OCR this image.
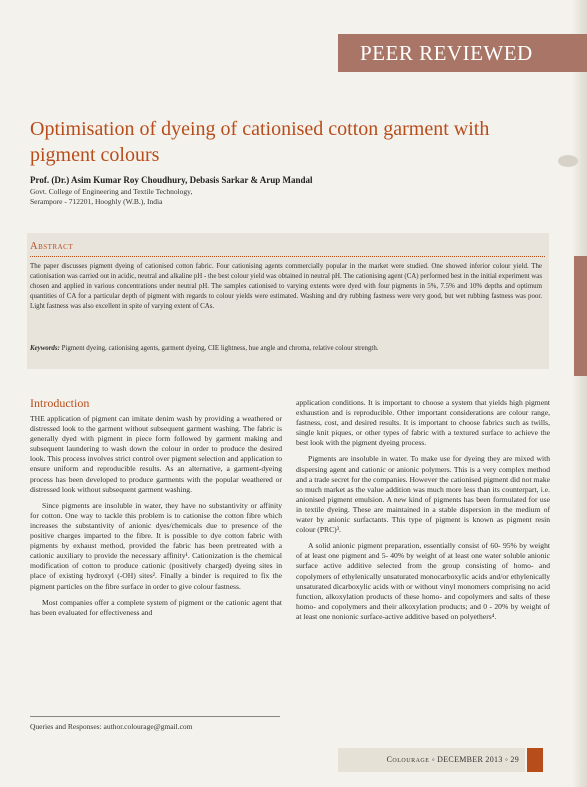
PEER REVIEWED
Optimisation of dyeing of cationised cotton garment with pigment colours
Prof. (Dr.) Asim Kumar Roy Choudhury, Debasis Sarkar & Arup Mandal
Govt. College of Engineering and Textile Technology,
Serampore - 712201, Hooghly (W.B.), India
Abstract
The paper discusses pigment dyeing of cationised cotton fabric. Four cationising agents commercially popular in the market were studied. One showed inferior colour yield. The cationisation was carried out in acidic, neutral and alkaline pH - the best colour yield was obtained in neutral pH. The cationising agent (CA) performed best in the initial experiment was chosen and applied in various concentrations under neutral pH. The samples cationised to varying extents were dyed with four pigments in 5%, 7.5% and 10% depths and optimum quantities of CA for a particular depth of pigment with regards to colour yields were estimated. Washing and dry rubbing fastness were very good, but wet rubbing fastness was poor. Light fastness was also excellent in spite of varying extent of CAs.
Keywords: Pigment dyeing, cationising agents, garment dyeing, CIE lightness, hue angle and chroma, relative colour strength.
Introduction

THE application of pigment can imitate denim wash by providing a weathered or distressed look to the garment without subsequent garment washing. The fabric is generally dyed with pigment in piece form followed by garment making and subsequent laundering to wash down the colour in order to produce the desired look. This process involves strict control over pigment selection and application to ensure uniform and reproducible results. As an alternative, a garment-dyeing process has been developed to produce garments with the popular weathered or distressed look without subsequent garment washing.

Since pigments are insoluble in water, they have no substantivity or affinity for cotton. One way to tackle this problem is to cationise the cotton fibre which increases the substantivity of anionic dyes/chemicals due to presence of the positive charges imparted to the fibre. It is possible to dye cotton fabric with pigments by exhaust method, provided the fabric has been pretreated with a cationic auxiliary to provide the necessary affinity¹. Cationization is the chemical modification of cotton to produce cationic (positively charged) dyeing sites in place of existing hydroxyl (-OH) sites². Finally a binder is required to fix the pigment particles on the fibre surface in order to give colour fastness.

Most companies offer a complete system of pigment or the cationic agent that has been evaluated for effectiveness and

application conditions. It is important to choose a system that yields high pigment exhaustion and is reproducible. Other important considerations are colour range, fastness, cost, and desired results. It is important to choose fabrics such as twills, single knit piques, or other types of fabric with a textured surface to achieve the best look with the pigment dyeing process.

Pigments are insoluble in water. To make use for dyeing they are mixed with dispersing agent and cationic or anionic polymers. This is a very complex method and a trade secret for the companies. However the cationised pigment did not make so much market as the value addition was much more less than its counterpart, i.e. anionised pigment emulsion. A new kind of pigments has been formulated for use in textile dyeing. These are maintained in a stable dispersion in the medium of water by anionic surfactants. This type of pigment is known as pigment resin colour (PRC)³.

A solid anionic pigment preparation, essentially consist of 60- 95% by weight of at least one pigment and 5- 40% by weight of at least one water soluble anionic surface active additive selected from the group consisting of homo- and copolymers of ethylenically unsaturated monocarboxylic acids and/or ethylenically unsaturated dicarboxylic acids with or without vinyl monomers comprising no acid function, alkoxylation products of these homo- and copolymers and salts of these homo- and copolymers and their alkoxylation products; and 0 - 20% by weight of at least one nonionic surface-active additive based on polyethers⁴.

Queries and Responses: author.colourage@gmail.com
Colourage ◦ DECEMBER 2013 ◦ 29
